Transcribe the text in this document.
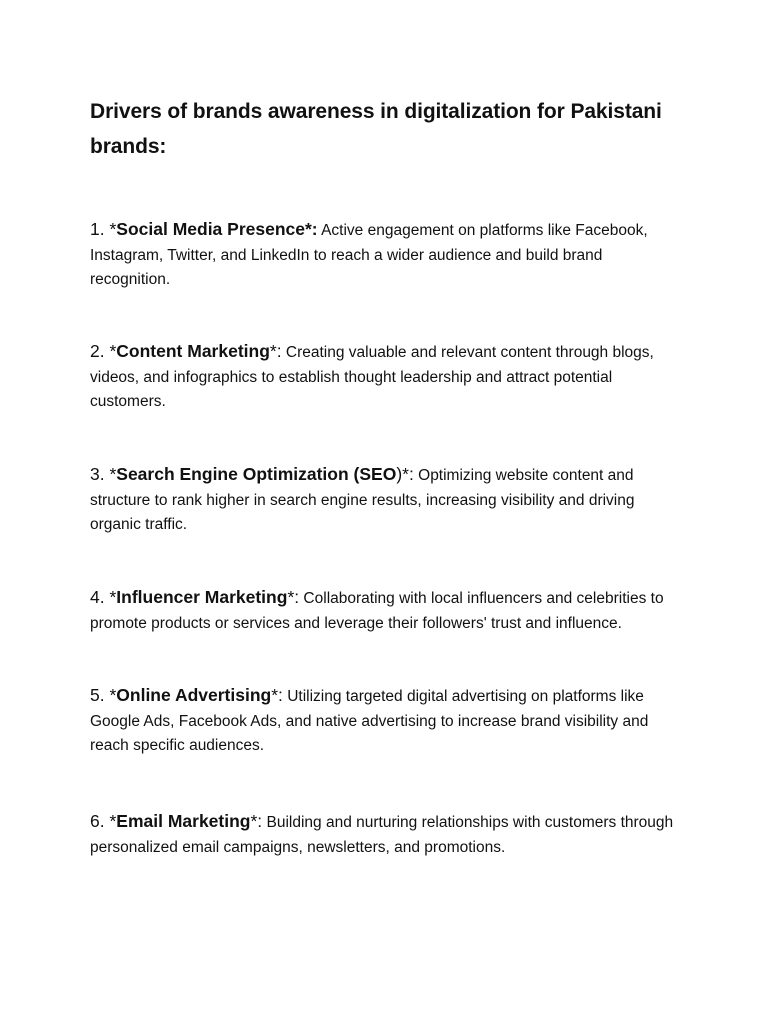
Drivers of brands awareness in digitalization for Pakistani brands:

1. *Social Media Presence*: Active engagement on platforms like Facebook, Instagram, Twitter, and LinkedIn to reach a wider audience and build brand recognition.

2. *Content Marketing*: Creating valuable and relevant content through blogs, videos, and infographics to establish thought leadership and attract potential customers.

3. *Search Engine Optimization (SEO)*: Optimizing website content and structure to rank higher in search engine results, increasing visibility and driving organic traffic.

4. *Influencer Marketing*: Collaborating with local influencers and celebrities to promote products or services and leverage their followers' trust and influence.

5. *Online Advertising*: Utilizing targeted digital advertising on platforms like Google Ads, Facebook Ads, and native advertising to increase brand visibility and reach specific audiences.

6. *Email Marketing*: Building and nurturing relationships with customers through personalized email campaigns, newsletters, and promotions.
